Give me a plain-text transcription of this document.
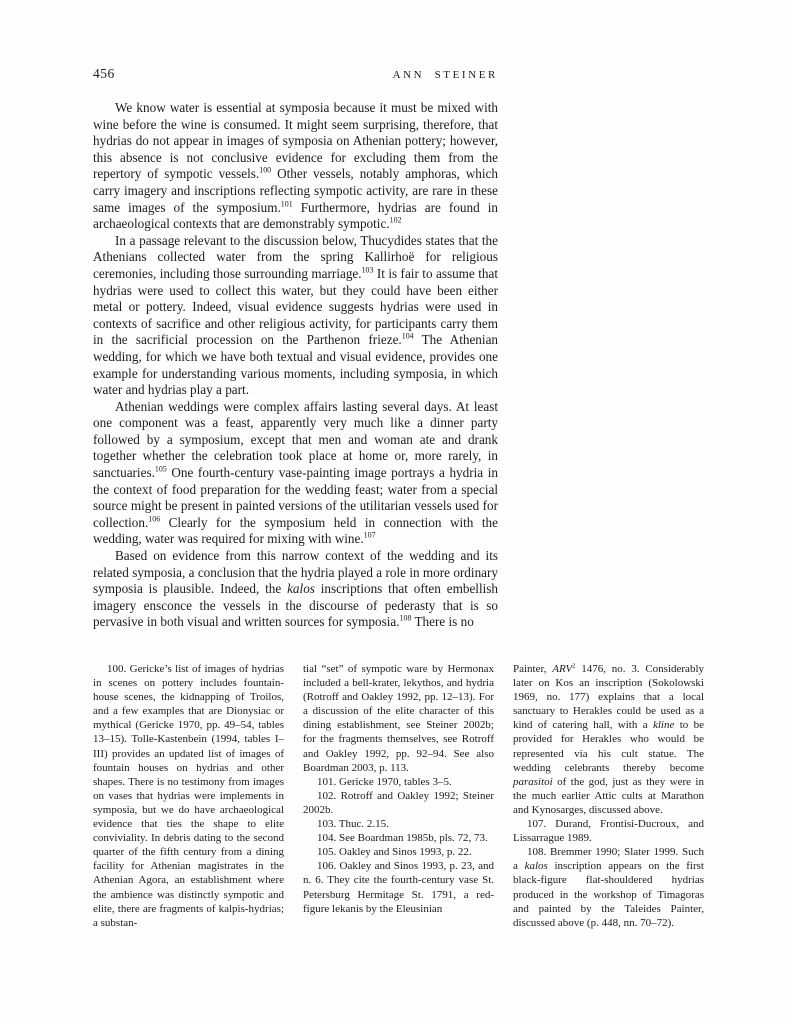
456	ANN STEINER

We know water is essential at symposia because it must be mixed with wine before the wine is consumed. It might seem surprising, therefore, that hydrias do not appear in images of symposia on Athenian pottery; however, this absence is not conclusive evidence for excluding them from the repertory of sympotic vessels.$^{100}$ Other vessels, notably amphoras, which carry imagery and inscriptions reflecting sympotic activity, are rare in these same images of the symposium.$^{101}$ Furthermore, hydrias are found in archaeological contexts that are demonstrably sympotic.$^{102}$

In a passage relevant to the discussion below, Thucydides states that the Athenians collected water from the spring Kallirhoë for religious ceremonies, including those surrounding marriage.$^{103}$ It is fair to assume that hydrias were used to collect this water, but they could have been either metal or pottery. Indeed, visual evidence suggests hydrias were used in contexts of sacrifice and other religious activity, for participants carry them in the sacrificial procession on the Parthenon frieze.$^{104}$ The Athenian wedding, for which we have both textual and visual evidence, provides one example for understanding various moments, including symposia, in which water and hydrias play a part.

Athenian weddings were complex affairs lasting several days. At least one component was a feast, apparently very much like a dinner party followed by a symposium, except that men and woman ate and drank together whether the celebration took place at home or, more rarely, in sanctuaries.$^{105}$ One fourth-century vase-painting image portrays a hydria in the context of food preparation for the wedding feast; water from a special source might be present in painted versions of the utilitarian vessels used for collection.$^{106}$ Clearly for the symposium held in connection with the wedding, water was required for mixing with wine.$^{107}$

Based on evidence from this narrow context of the wedding and its related symposia, a conclusion that the hydria played a role in more ordinary symposia is plausible. Indeed, the kalos inscriptions that often embellish imagery ensconce the vessels in the discourse of pederasty that is so pervasive in both visual and written sources for symposia.$^{108}$ There is no

100. Gericke’s list of images of hydrias in scenes on pottery includes fountain-house scenes, the kidnapping of Troilos, and a few examples that are Dionysiac or mythical (Gericke 1970, pp. 49–54, tables 13–15). Tolle-Kastenbein (1994, tables I–III) provides an updated list of images of fountain houses on hydrias and other shapes. There is no testimony from images on vases that hydrias were implements in symposia, but we do have archaeological evidence that ties the shape to elite conviviality. In debris dating to the second quarter of the fifth century from a dining facility for Athenian magistrates in the Athenian Agora, an establishment where the ambience was distinctly sympotic and elite, there are fragments of kalpis-hydrias; a substan-

tial “set” of sympotic ware by Hermonax included a bell-krater, lekythos, and hydria (Rotroff and Oakley 1992, pp. 12–13). For a discussion of the elite character of this dining establishment, see Steiner 2002b; for the fragments themselves, see Rotroff and Oakley 1992, pp. 92–94. See also Boardman 2003, p. 113.

101. Gericke 1970, tables 3–5.

102. Rotroff and Oakley 1992; Steiner 2002b.

103. Thuc. 2.15.

104. See Boardman 1985b, pls. 72, 73.

105. Oakley and Sinos 1993, p. 22.

106. Oakley and Sinos 1993, p. 23, and n. 6. They cite the fourth-century vase St. Petersburg Hermitage St. 1791, a red-figure lekanis by the Eleusinian

Painter, ARV$^2$ 1476, no. 3. Considerably later on Kos an inscription (Sokolowski 1969, no. 177) explains that a local sanctuary to Herakles could be used as a kind of catering hall, with a kline to be provided for Herakles who would be represented via his cult statue. The wedding celebrants thereby become parasitoi of the god, just as they were in the much earlier Attic cults at Marathon and Kynosarges, discussed above.

107. Durand, Frontisi-Ducroux, and Lissarrague 1989.

108. Bremmer 1990; Slater 1999. Such a kalos inscription appears on the first black-figure flat-shouldered hydrias produced in the workshop of Timagoras and painted by the Taleides Painter, discussed above (p. 448, nn. 70–72).
